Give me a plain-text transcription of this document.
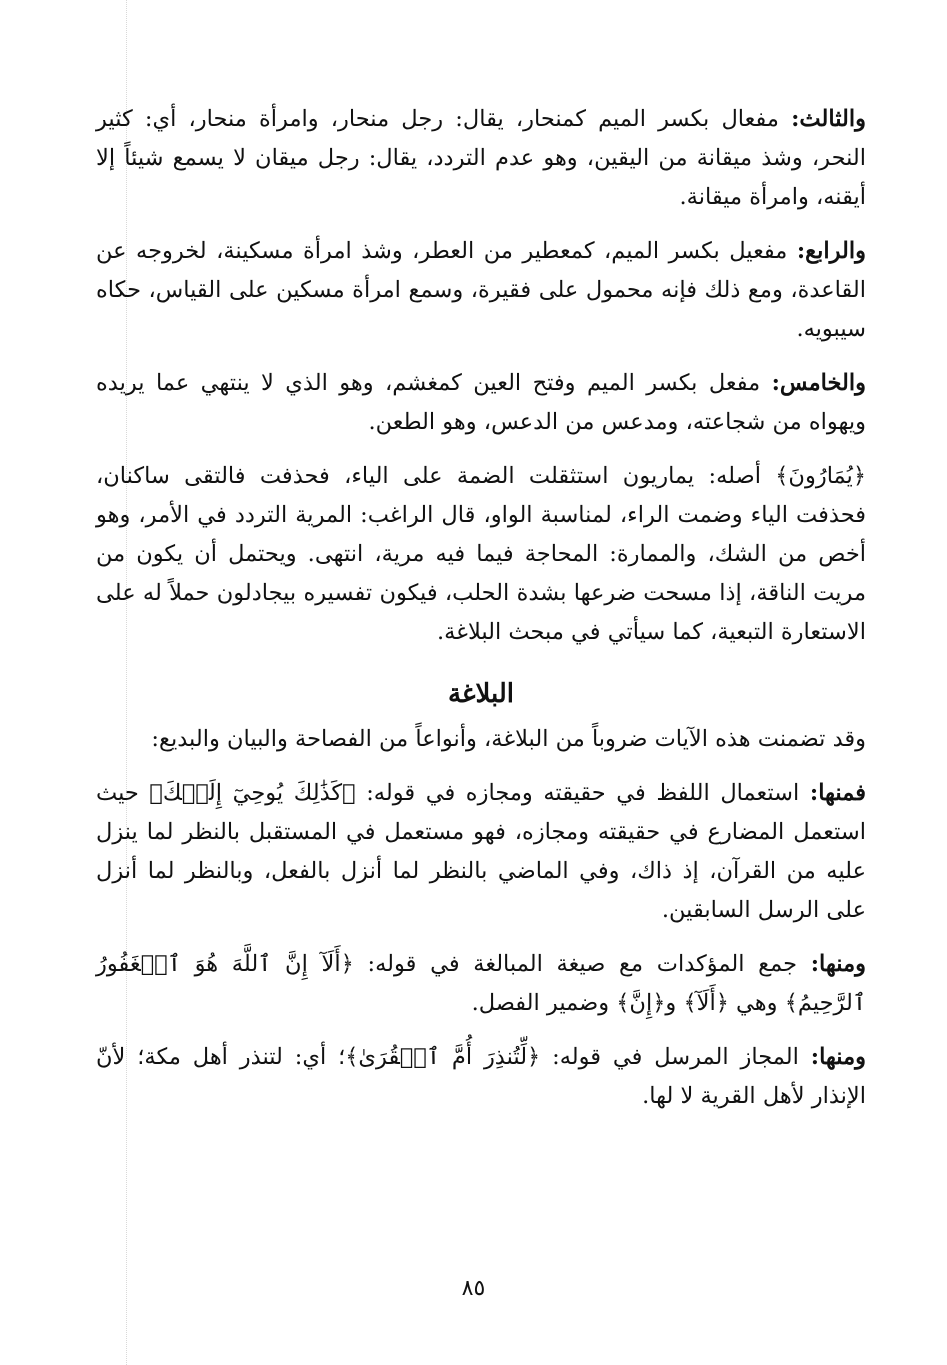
والثالث: مفعال بكسر الميم كمنحار، يقال: رجل منحار، وامرأة منحار، أي: كثير النحر، وشذ ميقانة من اليقين، وهو عدم التردد، يقال: رجل ميقان لا يسمع شيئاً إلا أيقنه، وامرأة ميقانة.

والرابع: مفعيل بكسر الميم، كمعطير من العطر، وشذ امرأة مسكينة، لخروجه عن القاعدة، ومع ذلك فإنه محمول على فقيرة، وسمع امرأة مسكين على القياس، حكاه سيبويه.

والخامس: مفعل بكسر الميم وفتح العين كمغشم، وهو الذي لا ينتهي عما يريده ويهواه من شجاعته، ومدعس من الدعس، وهو الطعن.

﴿يُمَارُونَ﴾ أصله: يماريون استثقلت الضمة على الياء، فحذفت فالتقى ساكنان، فحذفت الياء وضمت الراء، لمناسبة الواو، قال الراغب: المرية التردد في الأمر، وهو أخص من الشك، والممارة: المحاجة فيما فيه مرية، انتهى. ويحتمل أن يكون من مريت الناقة، إذا مسحت ضرعها بشدة الحلب، فيكون تفسيره بيجادلون حملاً له على الاستعارة التبعية، كما سيأتي في مبحث البلاغة.

البلاغة

وقد تضمنت هذه الآيات ضروباً من البلاغة، وأنواعاً من الفصاحة والبيان والبديع:

فمنها: استعمال اللفظ في حقيقته ومجازه في قوله: ﴿كَذَٰلِكَ يُوحِيٓ إِلَيۡكَ﴾ حيث استعمل المضارع في حقيقته ومجازه، فهو مستعمل في المستقبل بالنظر لما ينزل عليه من القرآن، إذ ذاك، وفي الماضي بالنظر لما أنزل بالفعل، وبالنظر لما أنزل على الرسل السابقين.

ومنها: جمع المؤكدات مع صيغة المبالغة في قوله: ﴿أَلَآ إِنَّ ٱللَّهَ هُوَ ٱلۡغَفُورُ ٱلرَّحِيمُ﴾ وهي ﴿أَلَآ﴾ و﴿إِنَّ﴾ وضمير الفصل.

ومنها: المجاز المرسل في قوله: ﴿لِّتُنذِرَ أُمَّ ٱلۡقُرَىٰ﴾؛ أي: لتنذر أهل مكة؛ لأنّ الإنذار لأهل القرية لا لها.

٨٥
